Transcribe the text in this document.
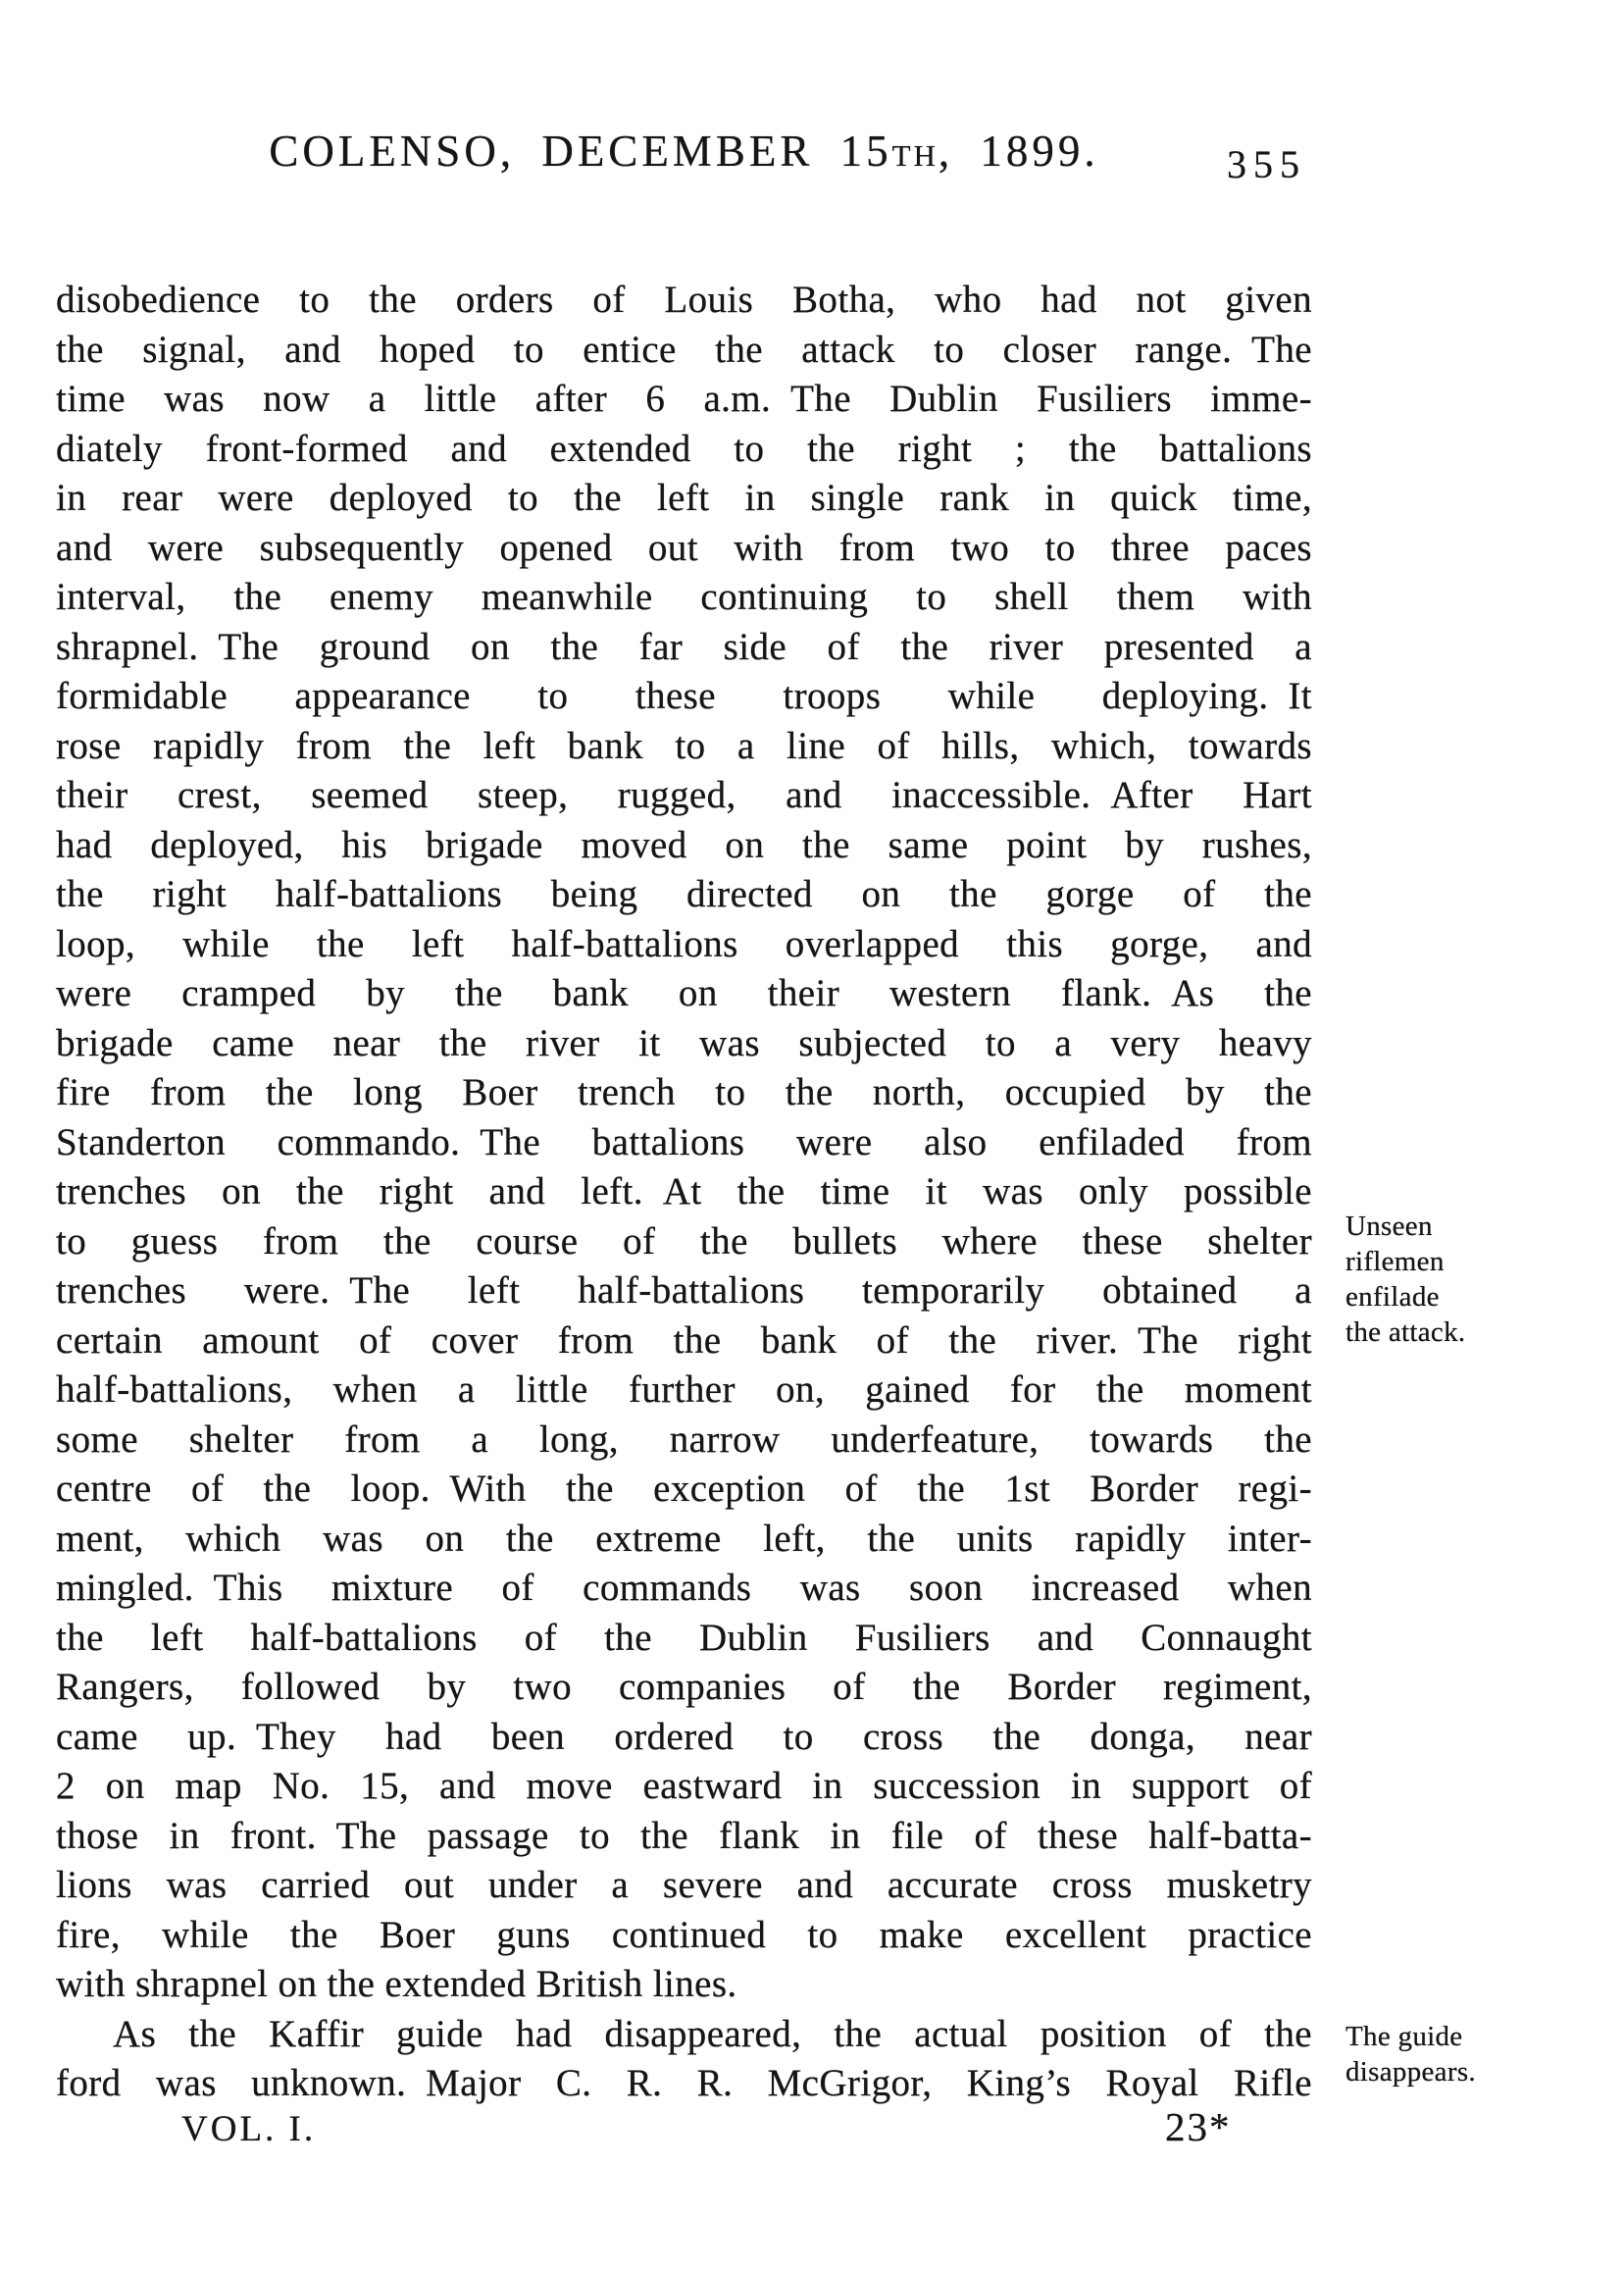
COLENSO, DECEMBER 15TH, 1899.	355
disobedience to the orders of Louis Botha, who had not given
the signal, and hoped to entice the attack to closer range. The
time was now a little after 6 a.m. The Dublin Fusiliers imme-
diately front-formed and extended to the right ; the battalions
in rear were deployed to the left in single rank in quick time,
and were subsequently opened out with from two to three paces
interval, the enemy meanwhile continuing to shell them with
shrapnel. The ground on the far side of the river presented a
formidable appearance to these troops while deploying. It
rose rapidly from the left bank to a line of hills, which, towards
their crest, seemed steep, rugged, and inaccessible. After Hart
had deployed, his brigade moved on the same point by rushes,
the right half-battalions being directed on the gorge of the
loop, while the left half-battalions overlapped this gorge, and
were cramped by the bank on their western flank. As the
brigade came near the river it was subjected to a very heavy
fire from the long Boer trench to the north, occupied by the
Standerton commando. The battalions were also enfiladed from
trenches on the right and left. At the time it was only possible
to guess from the course of the bullets where these shelter
trenches were. The left half-battalions temporarily obtained a
certain amount of cover from the bank of the river. The right
half-battalions, when a little further on, gained for the moment
some shelter from a long, narrow underfeature, towards the
centre of the loop. With the exception of the 1st Border regi-
ment, which was on the extreme left, the units rapidly inter-
mingled. This mixture of commands was soon increased when
the left half-battalions of the Dublin Fusiliers and Connaught
Rangers, followed by two companies of the Border regiment,
came up. They had been ordered to cross the donga, near
2 on map No. 15, and move eastward in succession in support of
those in front. The passage to the flank in file of these half-batta-
lions was carried out under a severe and accurate cross musketry
fire, while the Boer guns continued to make excellent practice
with shrapnel on the extended British lines.
As the Kaffir guide had disappeared, the actual position of the
ford was unknown. Major C. R. R. McGrigor, King’s Royal Rifle
Unseen
riflemen
enfilade
the attack.
The guide
disappears.
VOL. I.	23*
